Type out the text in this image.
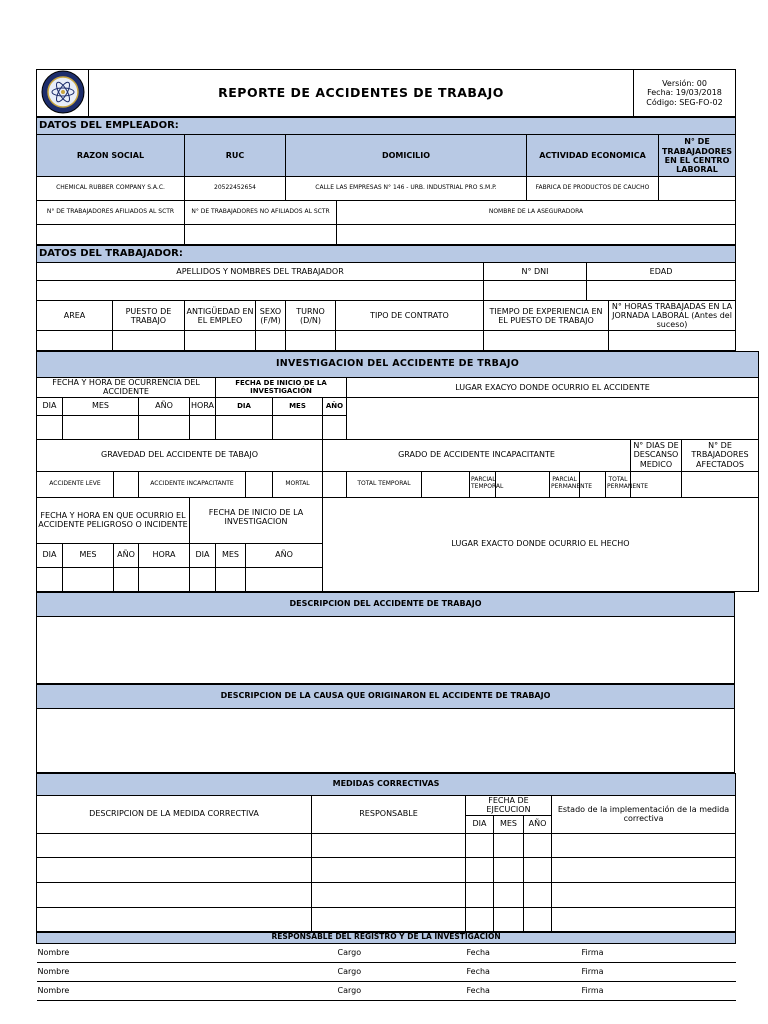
	REPORTE DE ACCIDENTES DE TRABAJO	
Versión: 00
Fecha: 19/03/2018
Código: SEG-FO-02
DATOS DEL EMPLEADOR:					
RAZON SOCIAL	RUC	DOMICILIO		ACTIVIDAD ECONOMICA	N° DE TRABAJADORES EN EL CENTRO LABORAL
CHEMICAL RUBBER COMPANY S.A.C.	20522452654	CALLE LAS EMPRESAS N° 146 - URB. INDUSTRIAL PRO S.M.P.		FABRICA DE PRODUCTOS DE CAUCHO	
N° DE TRABAJADORES AFILIADOS AL SCTR	N° DE TRABAJADORES NO AFILIADOS AL SCTR		NOMBRE DE LA ASEGURADORA		

DATOS DEL TRABAJADOR:								
APELLIDOS Y NOMBRES DEL TRABAJADOR						N° DNI	EDAD	

AREA	PUESTO DE TRABAJO	ANTIGÜEDAD EN EL EMPLEO	SEXO (F/M)	TURNO (D/N)	TIPO DE CONTRATO	TIEMPO DE EXPERIENCIA EN EL PUESTO DE TRABAJO		N° HORAS TRABAJADAS EN LA JORNADA LABORAL (Antes del suceso)

INVESTIGACION DEL ACCIDENTE DE TRBAJO																		
FECHA Y HORA DE OCURRENCIA DEL ACCIDENTE					FECHA DE INICIO DE LA INVESTIGACIÓN				LUGAR EXACYO DONDE OCURRIO EL ACCIDENTE									
DIA	MES		AÑO	HORA	DIA		MES	AÑO										

GRAVEDAD DEL ACCIDENTE DE TABAJO								GRADO DE ACCIDENTE INCAPACITANTE								N° DIAS DE DESCANSO MEDICO	N° DE TRBAJADORES AFECTADOS	
ACCIDENTE LEVE			ACCIDENTE INCAPACITANTE				MORTAL		TOTAL TEMPORAL		PARCIAL TEMPORAL		PARCIAL PERMANENTE		TOTAL PERMANENTE			
FECHA Y HORA EN QUE OCURRIO EL ACCIDENTE PELIGROSO O INCIDENTE				FECHA DE INICIO DE LA INVESTIGACION				LUGAR EXACTO DONDE OCURRIO EL HECHO										
DIA	MES	AÑO	HORA	DIA	MES	AÑO												

DESCRIPCION DEL ACCIDENTE DE TRABAJO

DESCRIPCION DE LA CAUSA QUE ORIGINARON EL ACCIDENTE DE TRABAJO

MEDIDAS CORRECTIVAS					
DESCRIPCION DE LA MEDIDA CORRECTIVA	RESPONSABLE	FECHA DE EJECUCION			Estado de la implementación de la medida correctiva
		DIA	MES	AÑO	

RESPONSABLE DEL REGISTRO Y DE LA INVESTIGACION			
Nombre	Cargo	Fecha	Firma
Nombre	Cargo	Fecha	Firma
Nombre	Cargo	Fecha	Firma
